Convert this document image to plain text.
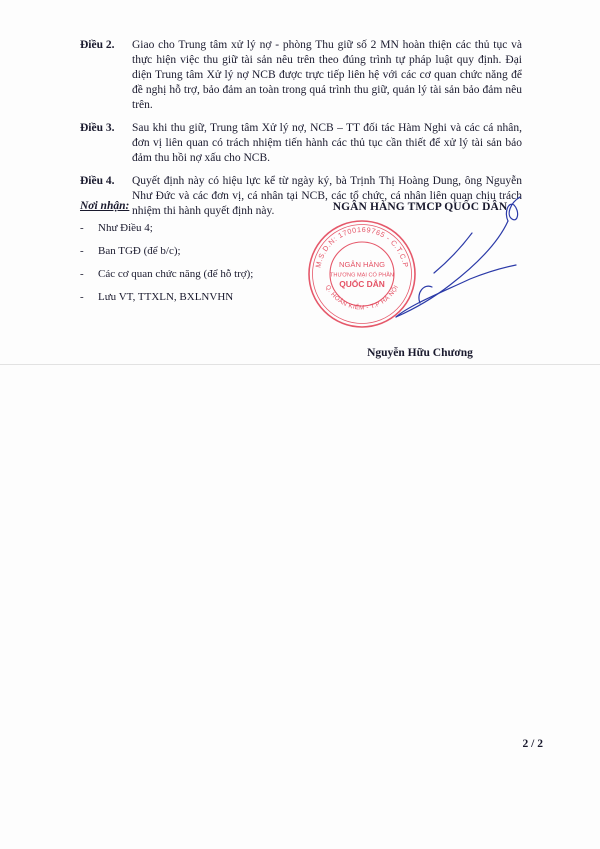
Điều 2.	Giao cho Trung tâm xử lý nợ - phòng Thu giữ số 2 MN hoàn thiện các thủ tục và thực hiện việc thu giữ tài sản nêu trên theo đúng trình tự pháp luật quy định. Đại diện Trung tâm Xử lý nợ NCB được trực tiếp liên hệ với các cơ quan chức năng để đề nghị hỗ trợ, bảo đảm an toàn trong quá trình thu giữ, quản lý tài sản bảo đảm nêu trên.
Điều 3.	Sau khi thu giữ, Trung tâm Xử lý nợ, NCB – TT đối tác Hàm Nghi và các cá nhân, đơn vị liên quan có trách nhiệm tiến hành các thủ tục cần thiết để xử lý tài sản bảo đảm thu hồi nợ xấu cho NCB.
Điều 4.	Quyết định này có hiệu lực kể từ ngày ký, bà Trịnh Thị Hoàng Dung, ông Nguyễn Như Đức và các đơn vị, cá nhân tại NCB, các tổ chức, cá nhân liên quan chịu trách nhiệm thi hành quyết định này.
Nơi nhận:
-	Như Điều 4;
-	Ban TGĐ (để b/c);
-	Các cơ quan chức năng (để hỗ trợ);
-	Lưu VT, TTXLN, BXLNVHN
NGÂN HÀNG TMCP QUỐC DÂN
M.S.D.N: 1700169765 - C.T.C.P
Q. HOÀN KIẾM - T.P HÀ NỘI
NGÂN HÀNG
THƯƠNG MẠI CỔ PHẦN
QUỐC DÂN
Nguyễn Hữu Chương
2 / 2
